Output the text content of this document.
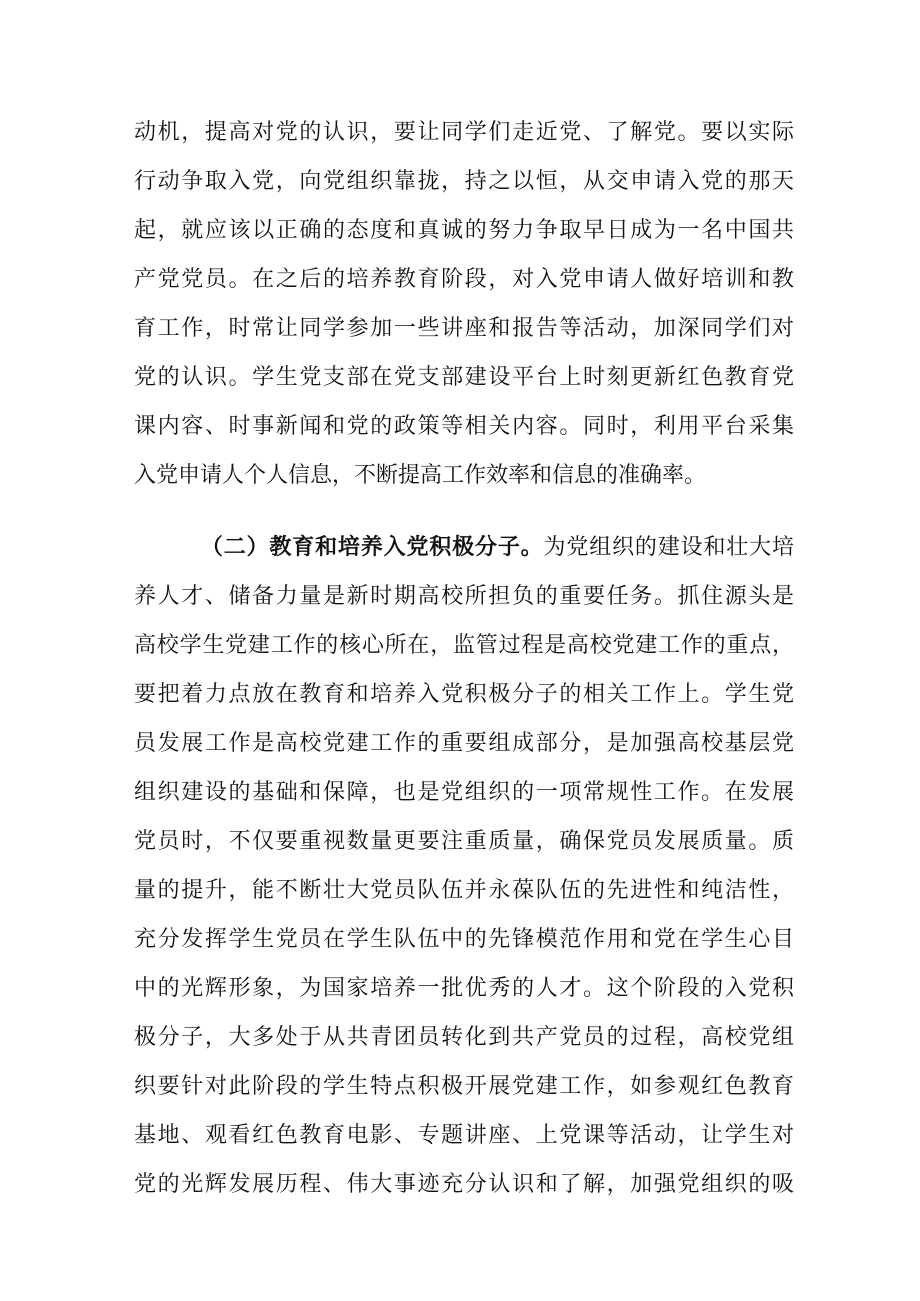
动机，提高对党的认识，要让同学们走近党、了解党。要以实际
行动争取入党，向党组织靠拢，持之以恒，从交申请入党的那天
起，就应该以正确的态度和真诚的努力争取早日成为一名中国共
产党党员。在之后的培养教育阶段，对入党申请人做好培训和教
育工作，时常让同学参加一些讲座和报告等活动，加深同学们对
党的认识。学生党支部在党支部建设平台上时刻更新红色教育党
课内容、时事新闻和党的政策等相关内容。同时，利用平台采集
入党申请人个人信息，不断提高工作效率和信息的准确率。
（二）教育和培养入党积极分子。为党组织的建设和壮大培
养人才、储备力量是新时期高校所担负的重要任务。抓住源头是
高校学生党建工作的核心所在，监管过程是高校党建工作的重点，
要把着力点放在教育和培养入党积极分子的相关工作上。学生党
员发展工作是高校党建工作的重要组成部分，是加强高校基层党
组织建设的基础和保障，也是党组织的一项常规性工作。在发展
党员时，不仅要重视数量更要注重质量，确保党员发展质量。质
量的提升，能不断壮大党员队伍并永葆队伍的先进性和纯洁性，
充分发挥学生党员在学生队伍中的先锋模范作用和党在学生心目
中的光辉形象，为国家培养一批优秀的人才。这个阶段的入党积
极分子，大多处于从共青团员转化到共产党员的过程，高校党组
织要针对此阶段的学生特点积极开展党建工作，如参观红色教育
基地、观看红色教育电影、专题讲座、上党课等活动，让学生对
党的光辉发展历程、伟大事迹充分认识和了解，加强党组织的吸
